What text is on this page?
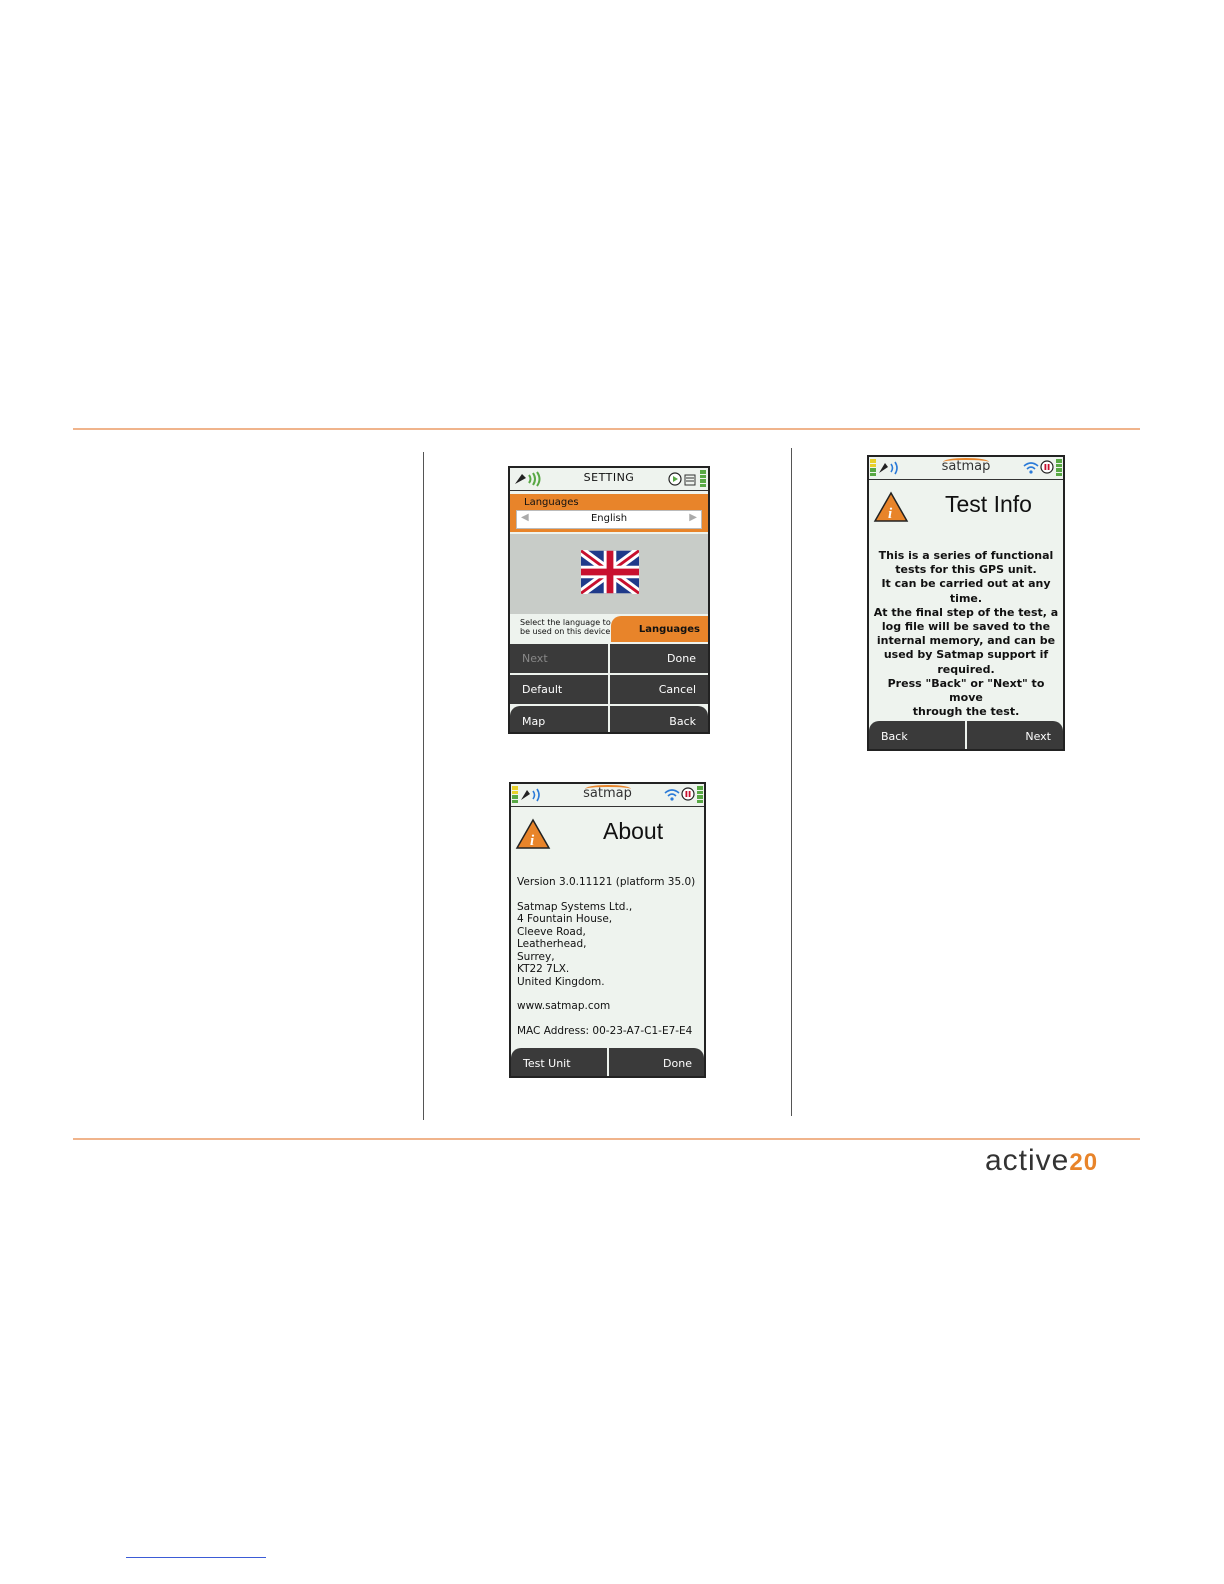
SETTING
Languages
◀	English	▶
Select the language to be used on this device	Languages
Next	Done
Default	Cancel
Map	Back
satmap
i	About
Version 3.0.11121 (platform 35.0)
Satmap Systems Ltd.,
4 Fountain House,
Cleeve Road,
Leatherhead,
Surrey,
KT22 7LX.
United Kingdom.
www.satmap.com
MAC Address: 00-23-A7-C1-E7-E4
Test Unit	Done
satmap
i Test Info
This is a series of functional
tests for this GPS unit.
It can be carried out at any
time.
At the final step of the test, a
log file will be saved to the
internal memory, and can be
used by Satmap support if
required.
Press "Back" or "Next" to move
through the test.
Back	Next
active20
